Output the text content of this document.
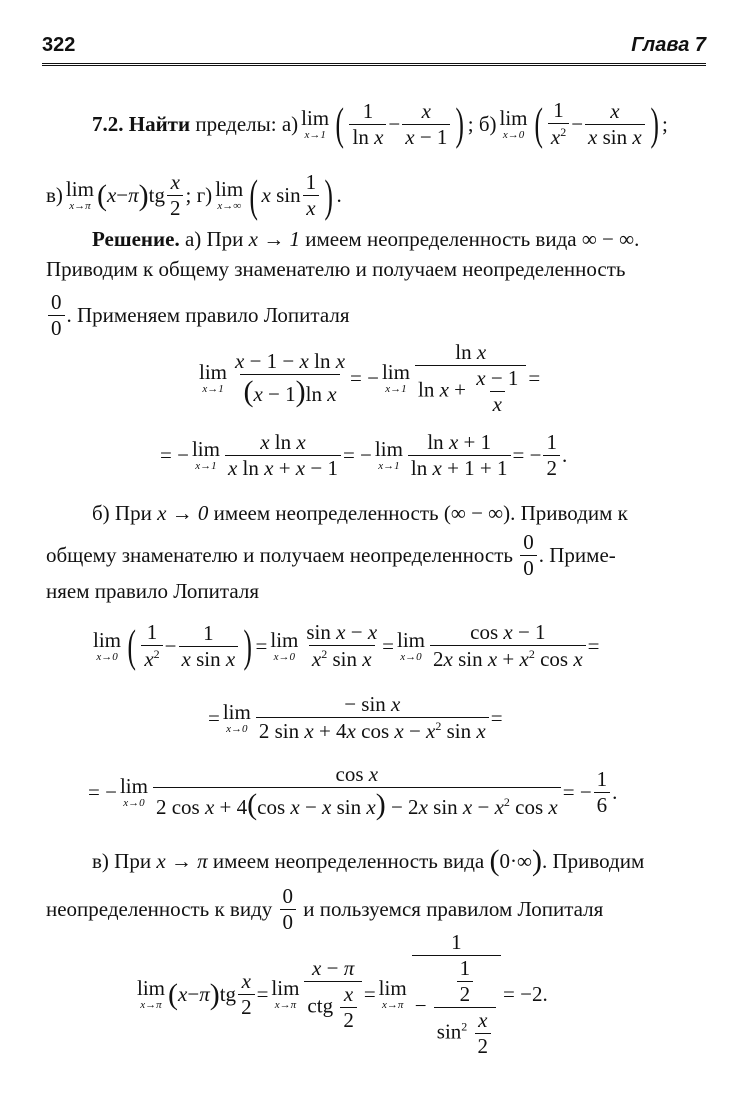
322	Глава 7
7.2.
Найти
пределы: а) lim
x→1 ( 1
ln x
−
x
x − 1 ) ; б) lim
x→0 ( 1
$x^2$ −
x
x sin x ) ;
в) lim
x→π ( x − π ) tg
x
2
; г) lim
x→∞ ( x sin
1
x ) .
Решение. а) При x → 1 имеем неопределенность вида ∞ − ∞.
Приводим к общему знаменателю и получаем неопределенность
0
0
. Применяем правило Лопиталя
lim
x→1
x − 1 − x ln x
(x − 1)ln x
= − lim
x→1
ln x
$\ln x + \frac{x - 1}{x}$ =
= − lim
x→1
x ln x
x ln x + x − 1
= − lim
x→1
ln x + 1
ln x + 1 + 1
= −
1
2
.
б) При x → 0 имеем неопределенность (∞ − ∞). Приводим к
общему знаменателю и получаем неопределенность

0
0
. Приме-
няем правило Лопиталя
lim
x→0 ( 1
$x^2$ −
1
x sin x ) = lim
x→0
sin x − x
$x^2$ sin x
= lim
x→0
cos x − 1
2x $\sin x + x^2$ cos x
=
= lim
x→0
− sin x
2 sin x + 4x $\cos x - x^2$ sin x
=
= − lim
x→0
cos x
2 cos x + 4(cos x − x sin x) − 2x $\sin x - x^2$ cos x
= −
1
6
.
в) При x → π имеем неопределенность вида
( 0·∞ ) . Приводим
неопределенность к виду

0
0

и пользуемся правилом Лопиталя
lim
x→π ( x − π ) tg
x
2
= lim
x→π
x − π
ctg $\frac{x}{2} = \lim$
x→π
1
− $\frac{\frac{1}{2}}{\sin^2 \frac{x}{2}} = -2$.
